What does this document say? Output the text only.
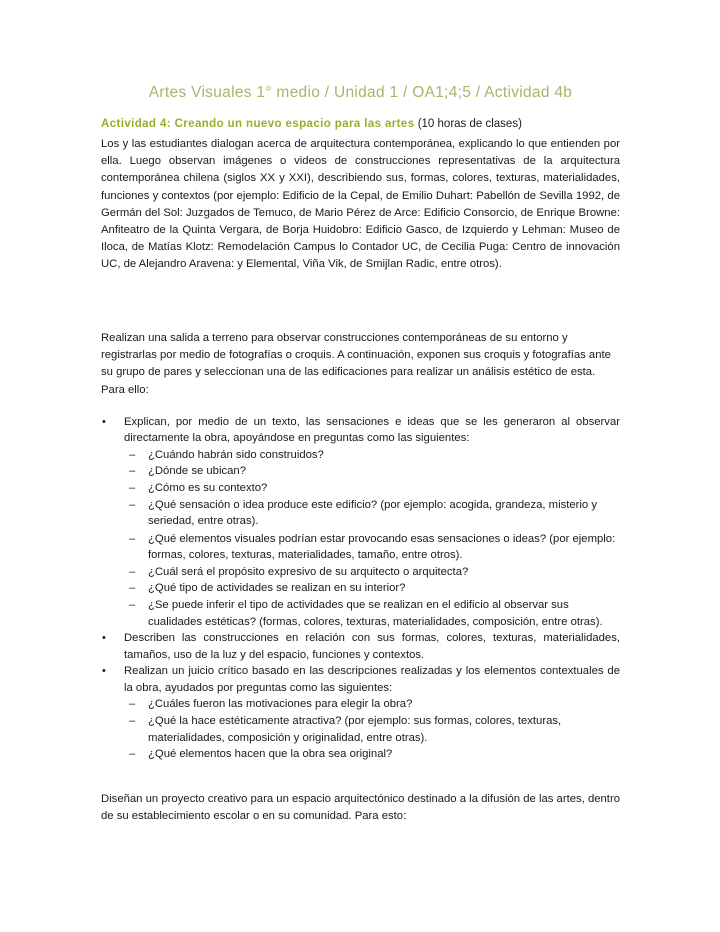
Artes Visuales 1° medio / Unidad 1 / OA1;4;5 / Actividad 4b
Actividad 4: Creando un nuevo espacio para las artes (10 horas de clases)

Los y las estudiantes dialogan acerca de arquitectura contemporánea, explicando lo que entienden por ella. Luego observan imágenes o videos de construcciones representativas de la arquitectura contemporánea chilena (siglos XX y XXI), describiendo sus, formas, colores, texturas, materialidades, funciones y contextos (por ejemplo: Edificio de la Cepal, de Emilio Duhart: Pabellón de Sevilla 1992, de Germán del Sol: Juzgados de Temuco, de Mario Pérez de Arce: Edificio Consorcio, de Enrique Browne: Anfiteatro de la Quinta Vergara, de Borja Huidobro: Edificio Gasco, de Izquierdo y Lehman: Museo de Iloca, de Matías Klotz: Remodelación Campus lo Contador UC, de Cecilia Puga: Centro de innovación UC, de Alejandro Aravena: y Elemental, Viña Vik, de Smijlan Radic, entre otros).

Realizan una salida a terreno para observar construcciones contemporáneas de su entorno y registrarlas por medio de fotografías o croquis. A continuación, exponen sus croquis y fotografías ante su grupo de pares y seleccionan una de las edificaciones para realizar un análisis estético de esta. Para ello:

• Explican, por medio de un texto, las sensaciones e ideas que se les generaron al observar directamente la obra, apoyándose en preguntas como las siguientes:
– ¿Cuándo habrán sido construidos?
– ¿Dónde se ubican?
– ¿Cómo es su contexto?
– ¿Qué sensación o idea produce este edificio? (por ejemplo: acogida, grandeza, misterio y seriedad, entre otras).
– ¿Qué elementos visuales podrían estar provocando esas sensaciones o ideas? (por ejemplo: formas, colores, texturas, materialidades, tamaño, entre otros).
– ¿Cuál será el propósito expresivo de su arquitecto o arquitecta?
– ¿Qué tipo de actividades se realizan en su interior?
– ¿Se puede inferir el tipo de actividades que se realizan en el edificio al observar sus cualidades estéticas? (formas, colores, texturas, materialidades, composición, entre otras).
• Describen las construcciones en relación con sus formas, colores, texturas, materialidades, tamaños, uso de la luz y del espacio, funciones y contextos.
• Realizan un juicio crítico basado en las descripciones realizadas y los elementos contextuales de la obra, ayudados por preguntas como las siguientes:
– ¿Cuáles fueron las motivaciones para elegir la obra?
– ¿Qué la hace estéticamente atractiva? (por ejemplo: sus formas, colores, texturas, materialidades, composición y originalidad, entre otras).
– ¿Qué elementos hacen que la obra sea original?

Diseñan un proyecto creativo para un espacio arquitectónico destinado a la difusión de las artes, dentro de su establecimiento escolar o en su comunidad. Para esto:
